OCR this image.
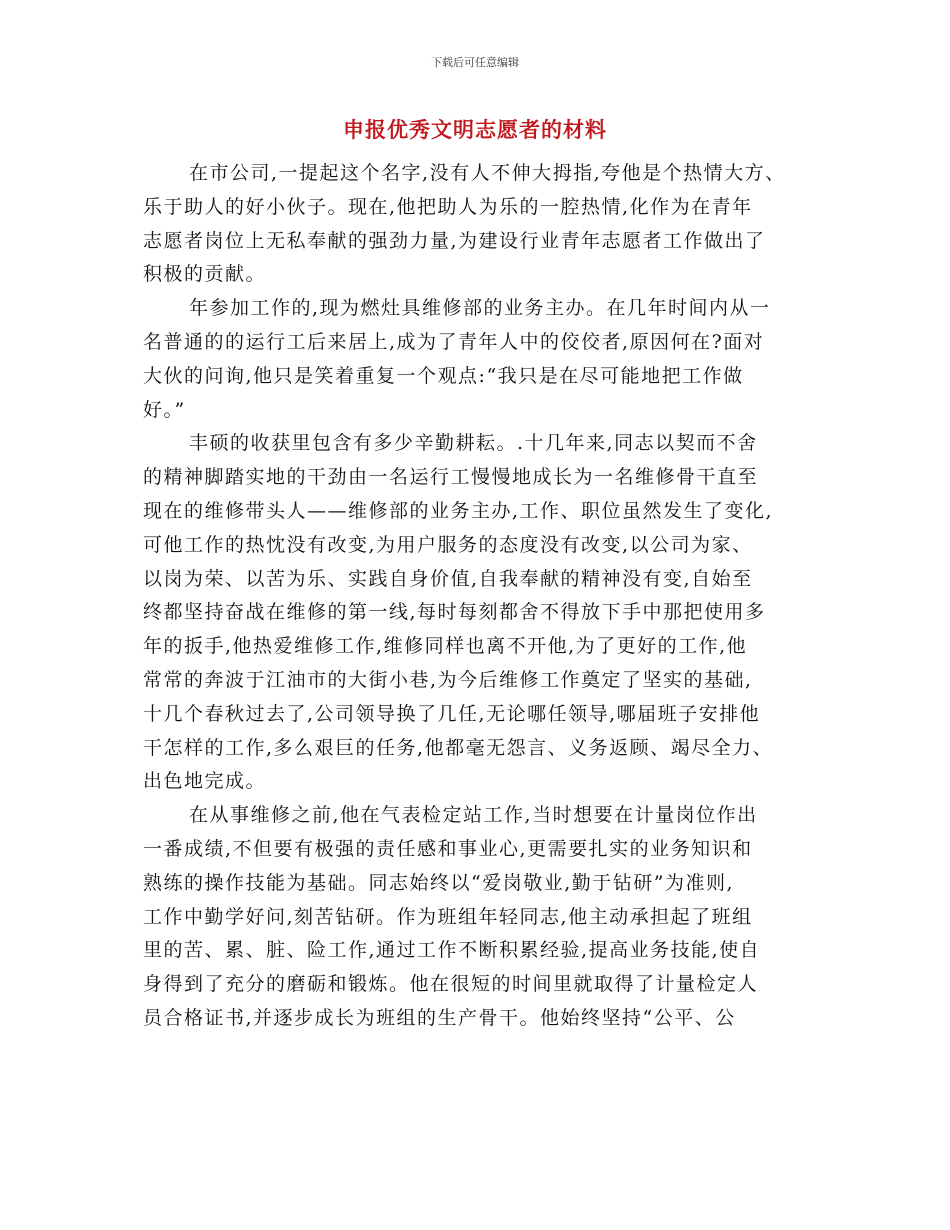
下载后可任意编辑
申报优秀文明志愿者的材料
在市公司,一提起这个名字,没有人不伸大拇指,夸他是个热情大方、
乐于助人的好小伙子。现在,他把助人为乐的一腔热情,化作为在青年
志愿者岗位上无私奉献的强劲力量,为建设行业青年志愿者工作做出了
积极的贡献。
年参加工作的,现为燃灶具维修部的业务主办。在几年时间内从一
名普通的的运行工后来居上,成为了青年人中的佼佼者,原因何在?面对
大伙的问询,他只是笑着重复一个观点:“我只是在尽可能地把工作做
好。”
丰硕的收获里包含有多少辛勤耕耘。.十几年来,同志以契而不舍
的精神脚踏实地的干劲由一名运行工慢慢地成长为一名维修骨干直至
现在的维修带头人——维修部的业务主办,工作、职位虽然发生了变化,
可他工作的热忱没有改变,为用户服务的态度没有改变,以公司为家、
以岗为荣、以苦为乐、实践自身价值,自我奉献的精神没有变,自始至
终都坚持奋战在维修的第一线,每时每刻都舍不得放下手中那把使用多
年的扳手,他热爱维修工作,维修同样也离不开他,为了更好的工作,他
常常的奔波于江油市的大街小巷,为今后维修工作奠定了坚实的基础,
十几个春秋过去了,公司领导换了几任,无论哪任领导,哪届班子安排他
干怎样的工作,多么艰巨的任务,他都毫无怨言、义务返顾、竭尽全力、
出色地完成。
在从事维修之前,他在气表检定站工作,当时想要在计量岗位作出
一番成绩,不但要有极强的责任感和事业心,更需要扎实的业务知识和
熟练的操作技能为基础。同志始终以“爱岗敬业,勤于钻研”为准则,
工作中勤学好问,刻苦钻研。作为班组年轻同志,他主动承担起了班组
里的苦、累、脏、险工作,通过工作不断积累经验,提高业务技能,使自
身得到了充分的磨砺和锻炼。他在很短的时间里就取得了计量检定人
员合格证书,并逐步成长为班组的生产骨干。他始终坚持“公平、公
